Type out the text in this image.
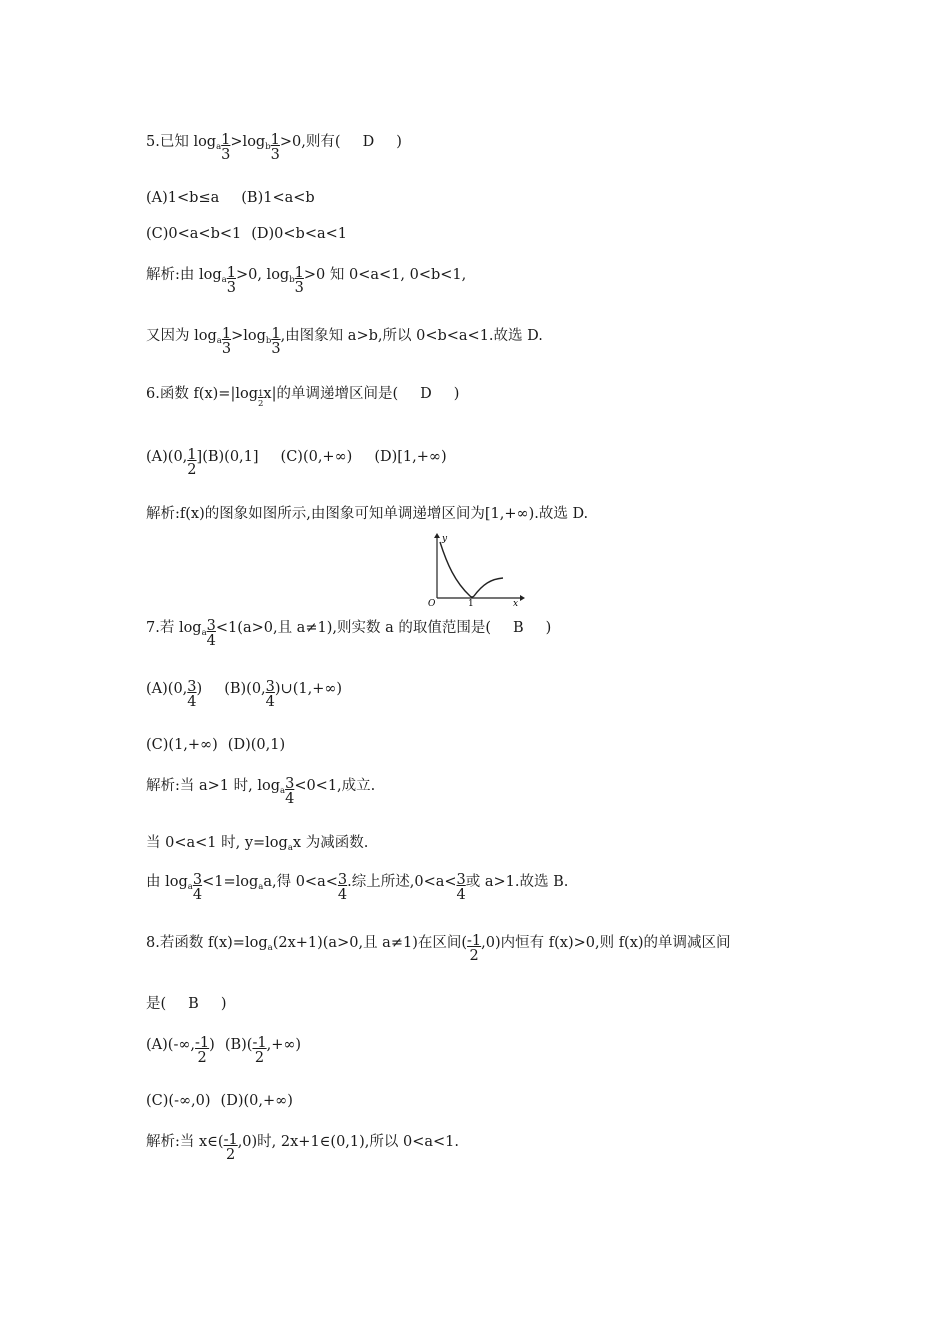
5.已知 $\log_a \frac{1}{3} >\log_b \frac{1}{3} >0$,则有( D )
(A)1<b≤a (B)1<a<b
(C)0<a<b<1 (D)0<b<a<1
解析:由 $\log_a \frac{1}{3} >0$, $\log_b \frac{1}{3} >0$ 知 0<a<1, 0<b<1,
又因为 $\log_a \frac{1}{3} >\log_b \frac{1}{3}$ ,由图象知 a>b,所以 0<b<a<1.故选 D.
6.函数 $f(x)=|\log \frac{1}{2} x|$的单调递增区间是( D )
(A)(0, $\frac{1}{2} ](B)(0,1]$ (C)(0,+∞) (D)[1,+∞)
解析:f(x)的图象如图所示,由图象可知单调递增区间为[1,+∞).故选 D.
y
x
O	1
7.若 $\log_a \frac{3}{4} <1(a>0$,且 a≠1),则实数 a 的取值范围是( B )
(A)(0, $\frac{3}{4}$ ) (B)(0, $\frac{3}{4}$ )∪(1,+∞)
(C)(1,+∞) (D)(0,1)
解析:当 a>1 时, $\log_a \frac{3}{4} <0<1$,成立.
当 0<a<1 时, $y=\log_ax$ 为减函数.
由 $\log_a \frac{3}{4} <1=\log_aa$,得 $0<a< \frac{3}{4}$ .综上所述$,0<a< \frac{3}{4}$ 或 a>1.故选 B.
8.若函数 $f(x)=\log_a(2x+1)(a>0$,且 a≠1)在区间( $\frac{-1}{2} ,0$)内恒有 f(x)>0,则 f(x)的单调减区间
是( B )
(A)(-∞, $\frac{-1}{2}$ ) $(B)( \frac{-1}{2}$ ,+∞)
(C)(-∞,0) (D)(0,+∞)
解析:当 x∈( $\frac{-1}{2} ,0$)时, 2x+1∈(0,1),所以 0<a<1.
